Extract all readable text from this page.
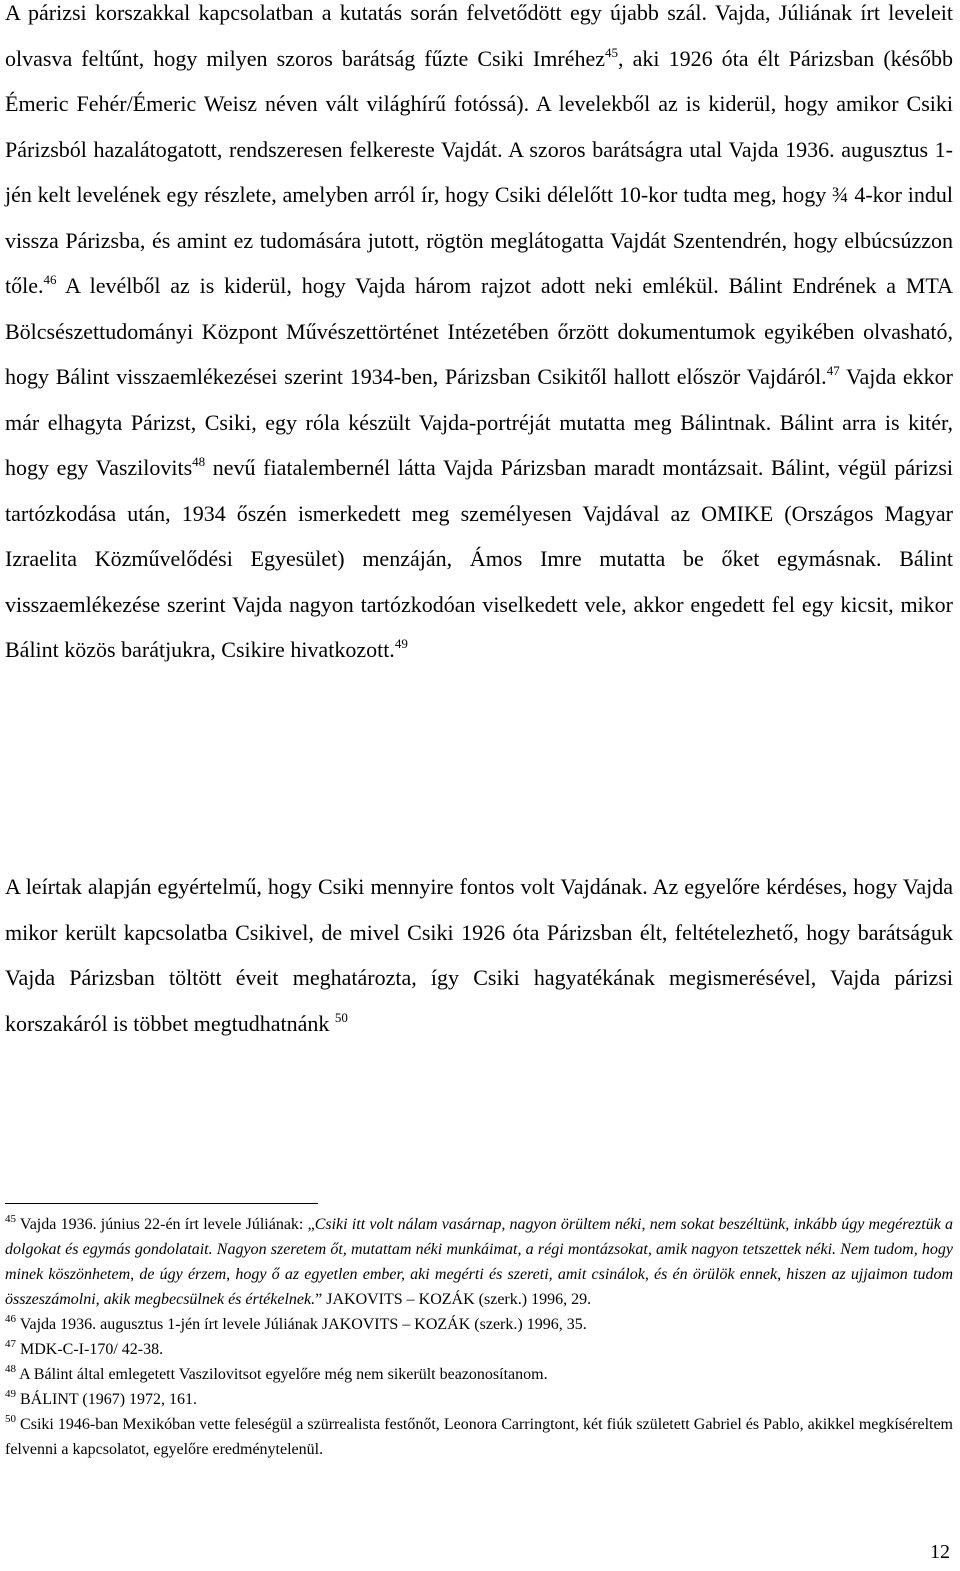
A párizsi korszakkal kapcsolatban a kutatás során felvetődött egy újabb szál. Vajda, Júliának írt leveleit olvasva feltűnt, hogy milyen szoros barátság fűzte Csiki Imréhez$^{45}$, aki 1926 óta élt Párizsban (később Émeric Fehér/Émeric Weisz néven vált világhírű fotóssá). A levelekből az is kiderül, hogy amikor Csiki Párizsból hazalátogatott, rendszeresen felkereste Vajdát. A szoros barátságra utal Vajda 1936. augusztus 1-jén kelt levelének egy részlete, amelyben arról ír, hogy Csiki délelőtt 10-kor tudta meg, hogy ¾ 4-kor indul vissza Párizsba, és amint ez tudomására jutott, rögtön meglátogatta Vajdát Szentendrén, hogy elbúcsúzzon tőle.$^{46}$ A levélből az is kiderül, hogy Vajda három rajzot adott neki emlékül. Bálint Endrének a MTA Bölcsészettudományi Központ Művészettörténet Intézetében őrzött dokumentumok egyikében olvasható, hogy Bálint visszaemlékezései szerint 1934-ben, Párizsban Csikitől hallott először Vajdáról.$^{47}$ Vajda ekkor már elhagyta Párizst, Csiki, egy róla készült Vajda-portréját mutatta meg Bálintnak. Bálint arra is kitér, hogy egy Vaszilovits$^{48}$ nevű fiatalembernél látta Vajda Párizsban maradt montázsait. Bálint, végül párizsi tartózkodása után, 1934 őszén ismerkedett meg személyesen Vajdával az OMIKE (Országos Magyar Izraelita Közművelődési Egyesület) menzáján, Ámos Imre mutatta be őket egymásnak. Bálint visszaemlékezése szerint Vajda nagyon tartózkodóan viselkedett vele, akkor engedett fel egy kicsit, mikor Bálint közös barátjukra, Csikire hivatkozott.$^{49}$

A leírtak alapján egyértelmű, hogy Csiki mennyire fontos volt Vajdának. Az egyelőre kérdéses, hogy Vajda mikor került kapcsolatba Csikivel, de mivel Csiki 1926 óta Párizsban élt, feltételezhető, hogy barátságuk Vajda Párizsban töltött éveit meghatározta, így Csiki hagyatékának megismerésével, Vajda párizsi korszakáról is többet megtudhatnánk $^{50}$

$^{45}$ Vajda 1936. június 22-én írt levele Júliának: „Csiki itt volt nálam vasárnap, nagyon örültem néki, nem sokat beszéltünk, inkább úgy megéreztük a dolgokat és egymás gondolatait. Nagyon szeretem őt, mutattam néki munkáimat, a régi montázsokat, amik nagyon tetszettek néki. Nem tudom, hogy minek köszönhetem, de úgy érzem, hogy ő az egyetlen ember, aki megérti és szereti, amit csinálok, és én örülök ennek, hiszen az ujjaimon tudom összeszámolni, akik megbecsülnek és értékelnek.” JAKOVITS – KOZÁK (szerk.) 1996, 29.

$^{46}$ Vajda 1936. augusztus 1-jén írt levele Júliának JAKOVITS – KOZÁK (szerk.) 1996, 35.

$^{47}$ MDK-C-I-170/ 42-38.

$^{48}$ A Bálint által emlegetett Vaszilovitsot egyelőre még nem sikerült beazonosítanom.

$^{49}$ BÁLINT (1967) 1972, 161.

$^{50}$ Csiki 1946-ban Mexikóban vette feleségül a szürrealista festőnőt, Leonora Carringtont, két fiúk született Gabriel és Pablo, akikkel megkíséreltem felvenni a kapcsolatot, egyelőre eredménytelenül.

12
